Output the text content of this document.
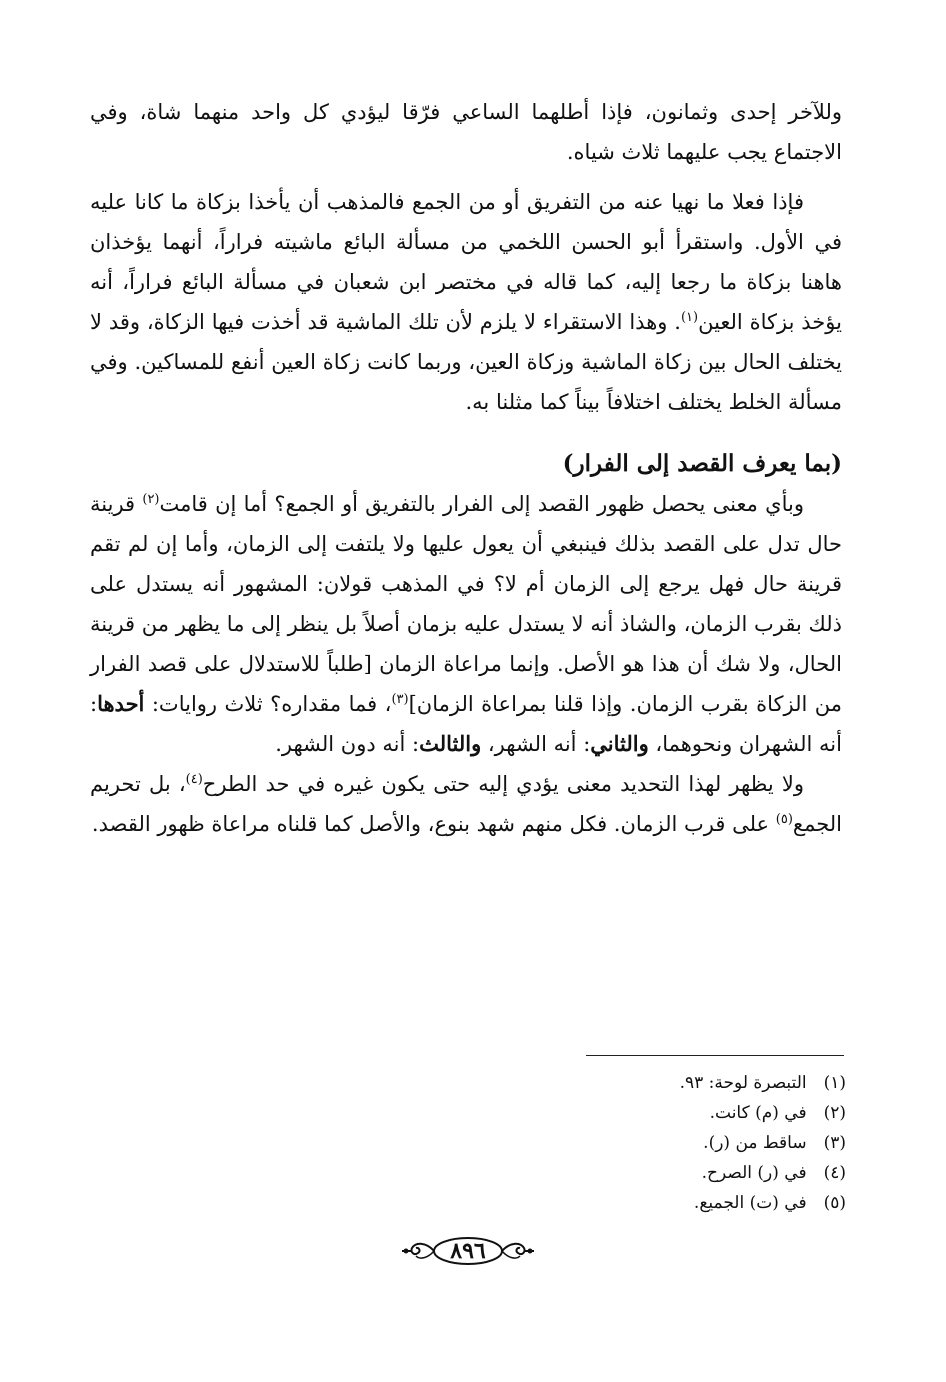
وللآخر إحدى وثمانون، فإذا أطلهما الساعي فرّقا ليؤدي كل واحد منهما شاة، وفي الاجتماع يجب عليهما ثلاث شياه.

فإذا فعلا ما نهيا عنه من التفريق أو من الجمع فالمذهب أن يأخذا بزكاة ما كانا عليه في الأول. واستقرأ أبو الحسن اللخمي من مسألة البائع ماشيته فراراً، أنهما يؤخذان هاهنا بزكاة ما رجعا إليه، كما قاله في مختصر ابن شعبان في مسألة البائع فراراً، أنه يؤخذ بزكاة العين$^{(١)}$. وهذا الاستقراء لا يلزم لأن تلك الماشية قد أخذت فيها الزكاة، وقد لا يختلف الحال بين زكاة الماشية وزكاة العين، وربما كانت زكاة العين أنفع للمساكين. وفي مسألة الخلط يختلف اختلافاً بيناً كما مثلنا به.

(بما يعرف القصد إلى الفرار)

وبأي معنى يحصل ظهور القصد إلى الفرار بالتفريق أو الجمع؟ أما إن قامت$^{(٢)}$ قرينة حال تدل على القصد بذلك فينبغي أن يعول عليها ولا يلتفت إلى الزمان، وأما إن لم تقم قرينة حال فهل يرجع إلى الزمان أم لا؟ في المذهب قولان: المشهور أنه يستدل على ذلك بقرب الزمان، والشاذ أنه لا يستدل عليه بزمان أصلاً بل ينظر إلى ما يظهر من قرينة الحال، ولا شك أن هذا هو الأصل. وإنما مراعاة الزمان [طلباً للاستدلال على قصد الفرار من الزكاة بقرب الزمان. وإذا قلنا بمراعاة الزمان]$^{(٣)}$، فما مقداره؟ ثلاث روايات: أحدها: أنه الشهران ونحوهما، والثاني: أنه الشهر، والثالث: أنه دون الشهر.

ولا يظهر لهذا التحديد معنى يؤدي إليه حتى يكون غيره في حد الطرح$^{(٤)}$، بل تحريم الجمع$^{(٥)}$ على قرب الزمان. فكل منهم شهد بنوع، والأصل كما قلناه مراعاة ظهور القصد.

(١) التبصرة لوحة: ٩٣.
(٢) في (م) كانت.
(٣) ساقط من (ر).
(٤) في (ر) الصرح.
(٥) في (ت) الجميع.
٨٩٦
